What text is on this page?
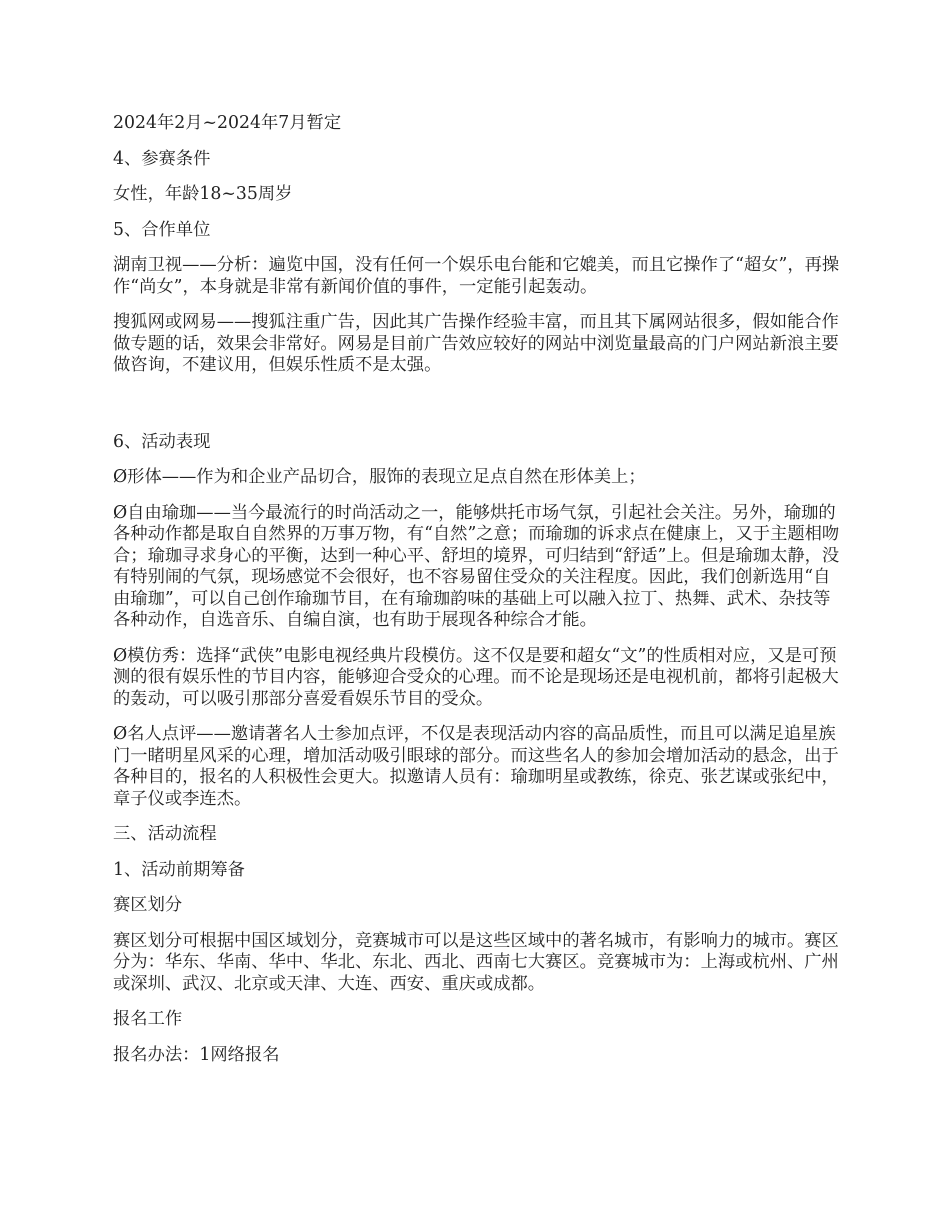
2024年2月~2024年7月暂定

4、参赛条件

女性，年龄18~35周岁

5、合作单位

湖南卫视——分析：遍览中国，没有任何一个娱乐电台能和它媲美，而且它操作了“超女”，再操作“尚女”，本身就是非常有新闻价值的事件，一定能引起轰动。

搜狐网或网易——搜狐注重广告，因此其广告操作经验丰富，而且其下属网站很多，假如能合作做专题的话，效果会非常好。网易是目前广告效应较好的网站中浏览量最高的门户网站新浪主要做咨询，不建议用，但娱乐性质不是太强。

6、活动表现

Ø形体——作为和企业产品切合，服饰的表现立足点自然在形体美上；

Ø自由瑜珈——当今最流行的时尚活动之一，能够烘托市场气氛，引起社会关注。另外，瑜珈的各种动作都是取自自然界的万事万物，有“自然”之意；而瑜珈的诉求点在健康上，又于主题相吻合；瑜珈寻求身心的平衡，达到一种心平、舒坦的境界，可归结到“舒适”上。但是瑜珈太静，没有特别闹的气氛，现场感觉不会很好，也不容易留住受众的关注程度。因此，我们创新选用“自由瑜珈”，可以自己创作瑜珈节目，在有瑜珈韵味的基础上可以融入拉丁、热舞、武术、杂技等各种动作，自选音乐、自编自演，也有助于展现各种综合才能。

Ø模仿秀：选择“武侠”电影电视经典片段模仿。这不仅是要和超女“文”的性质相对应，又是可预测的很有娱乐性的节目内容，能够迎合受众的心理。而不论是现场还是电视机前，都将引起极大的轰动，可以吸引那部分喜爱看娱乐节目的受众。

Ø名人点评——邀请著名人士参加点评，不仅是表现活动内容的高品质性，而且可以满足追星族门一睹明星风采的心理，增加活动吸引眼球的部分。而这些名人的参加会增加活动的悬念，出于各种目的，报名的人积极性会更大。拟邀请人员有：瑜珈明星或教练，徐克、张艺谋或张纪中，章子仪或李连杰。

三、活动流程

1、活动前期筹备

赛区划分

赛区划分可根据中国区域划分，竞赛城市可以是这些区域中的著名城市，有影响力的城市。赛区分为：华东、华南、华中、华北、东北、西北、西南七大赛区。竞赛城市为：上海或杭州、广州或深圳、武汉、北京或天津、大连、西安、重庆或成都。

报名工作

报名办法：1网络报名
